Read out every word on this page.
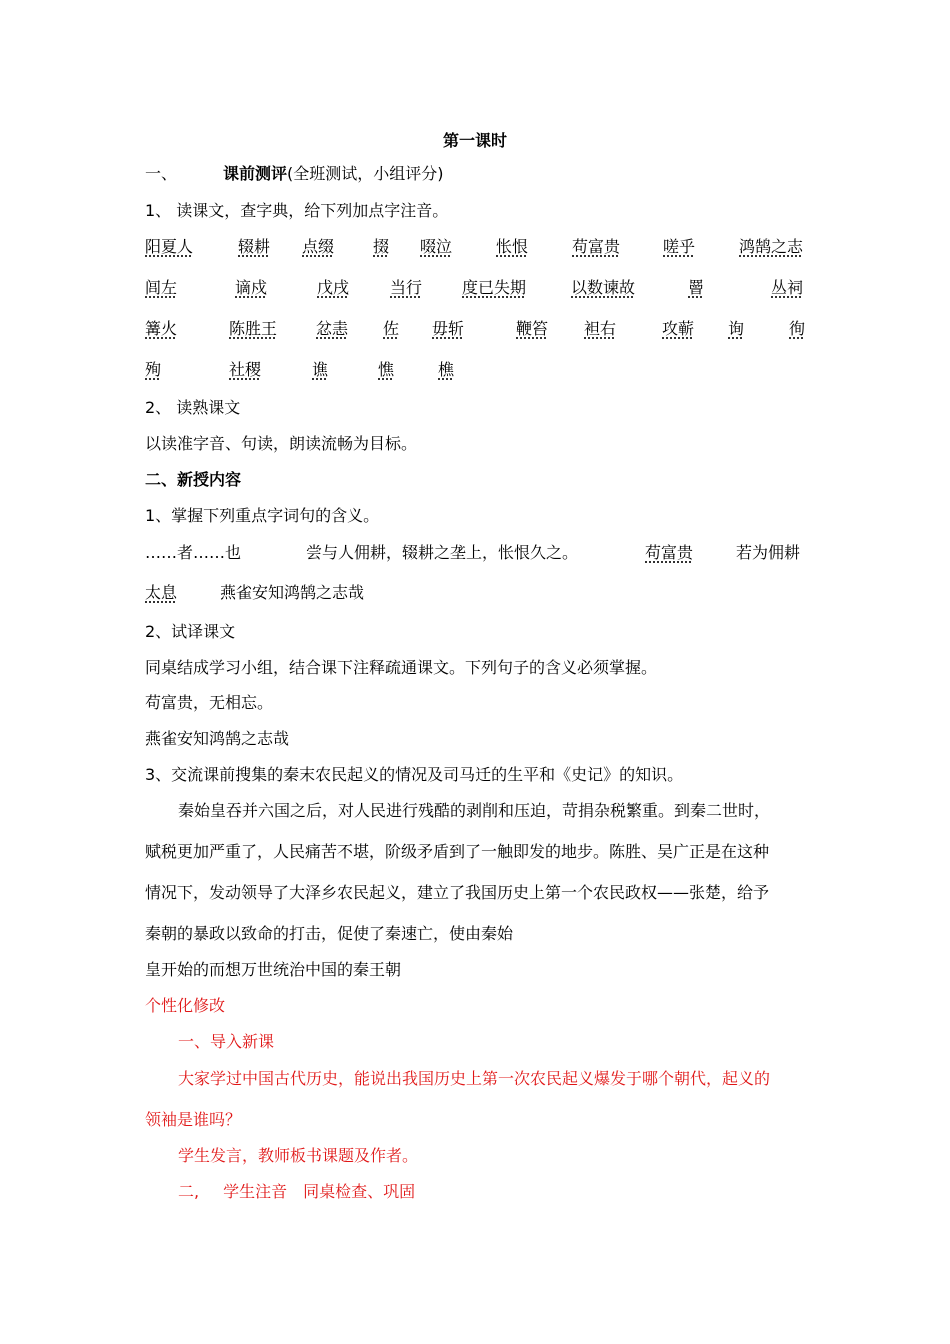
第一课时
一、	课前测评(全班测试，小组评分)
1、 读课文，查字典，给下列加点字注音。
阳夏人	辍耕 点缀 掇 啜泣	怅恨	苟富贵	嗟乎	鸿鹄之志
闾左	谪戍	戊戌	当行 度已失期	以数谏故	罾	丛祠
篝火	陈胜王 忿恚 佐 毋斩	鞭笞 袒右	攻蕲 询	徇
殉	社稷	谯	憔	樵
2、 读熟课文
以读准字音、句读，朗读流畅为目标。
二、新授内容
1、掌握下列重点字词句的含义。
……者……也	尝与人佣耕，辍耕之垄上，怅恨久之。	苟富贵	若为佣耕
太息	燕雀安知鸿鹄之志哉
2、试译课文
同桌结成学习小组，结合课下注释疏通课文。下列句子的含义必须掌握。
苟富贵，无相忘。
燕雀安知鸿鹄之志哉
3、交流课前搜集的秦末农民起义的情况及司马迁的生平和《史记》的知识。
秦始皇吞并六国之后，对人民进行残酷的剥削和压迫，苛捐杂税繁重。到秦二世时，
赋税更加严重了，人民痛苦不堪，阶级矛盾到了一触即发的地步。陈胜、吴广正是在这种
情况下，发动领导了大泽乡农民起义，建立了我国历史上第一个农民政权——张楚，给予
秦朝的暴政以致命的打击，促使了秦速亡，使由秦始
皇开始的而想万世统治中国的秦王朝
个性化修改
一、导入新课
大家学过中国古代历史，能说出我国历史上第一次农民起义爆发于哪个朝代，起义的
领袖是谁吗？
学生发言，教师板书课题及作者。
二, 学生注音 同桌检查、巩固
